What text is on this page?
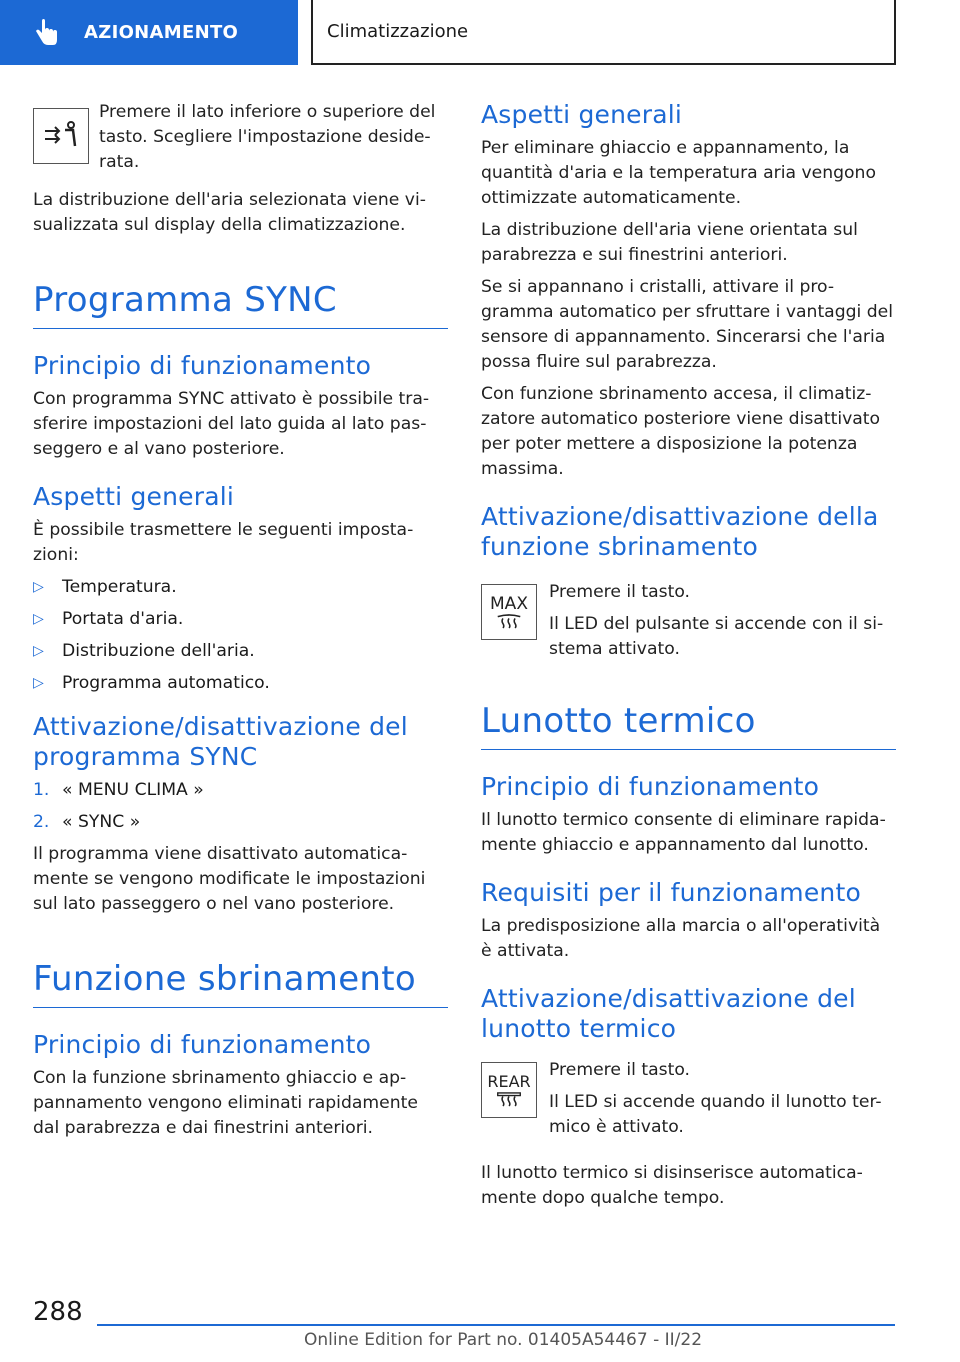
AZIONAMENTO	Climatizzazione

Premere il lato inferiore o superiore del tasto. Scegliere l'impostazione deside-rata.

La distribuzione dell'aria selezionata viene vi-sualizzata sul display della climatizzazione.

Programma SYNC
Principio di funzionamento

Con programma SYNC attivato è possibile tra-sferire impostazioni del lato guida al lato pas-seggero e al vano posteriore.

Aspetti generali

È possibile trasmettere le seguenti imposta-zioni:

▷	Temperatura.
▷	Portata d'aria.
▷	Distribuzione dell'aria.
▷	Programma automatico.
Attivazione/disattivazione del programma SYNC
1. « MENU CLIMA »
2. « SYNC »

Il programma viene disattivato automatica-mente se vengono modificate le impostazioni sul lato passeggero o nel vano posteriore.

Funzione sbrinamento
Principio di funzionamento

Con la funzione sbrinamento ghiaccio e ap-pannamento vengono eliminati rapidamente dal parabrezza e dai finestrini anteriori.

Aspetti generali

Per eliminare ghiaccio e appannamento, la quantità d'aria e la temperatura aria vengono ottimizzate automaticamente.

La distribuzione dell'aria viene orientata sul parabrezza e sui finestrini anteriori.

Se si appannano i cristalli, attivare il pro-gramma automatico per sfruttare i vantaggi del sensore di appannamento. Sincerarsi che l'aria possa fluire sul parabrezza.

Con funzione sbrinamento accesa, il climatiz-zatore automatico posteriore viene disattivato per poter mettere a disposizione la potenza massima.

Attivazione/disattivazione della funzione sbrinamento
MAX

Premere il tasto.

Il LED del pulsante si accende con il si-stema attivato.

Lunotto termico
Principio di funzionamento

Il lunotto termico consente di eliminare rapida-mente ghiaccio e appannamento dal lunotto.

Requisiti per il funzionamento

La predisposizione alla marcia o all'operatività è attivata.

Attivazione/disattivazione del lunotto termico
REAR

Premere il tasto.

Il LED si accende quando il lunotto ter-mico è attivato.

Il lunotto termico si disinserisce automatica-mente dopo qualche tempo.

288
Online Edition for Part no. 01405A54467 - II/22
